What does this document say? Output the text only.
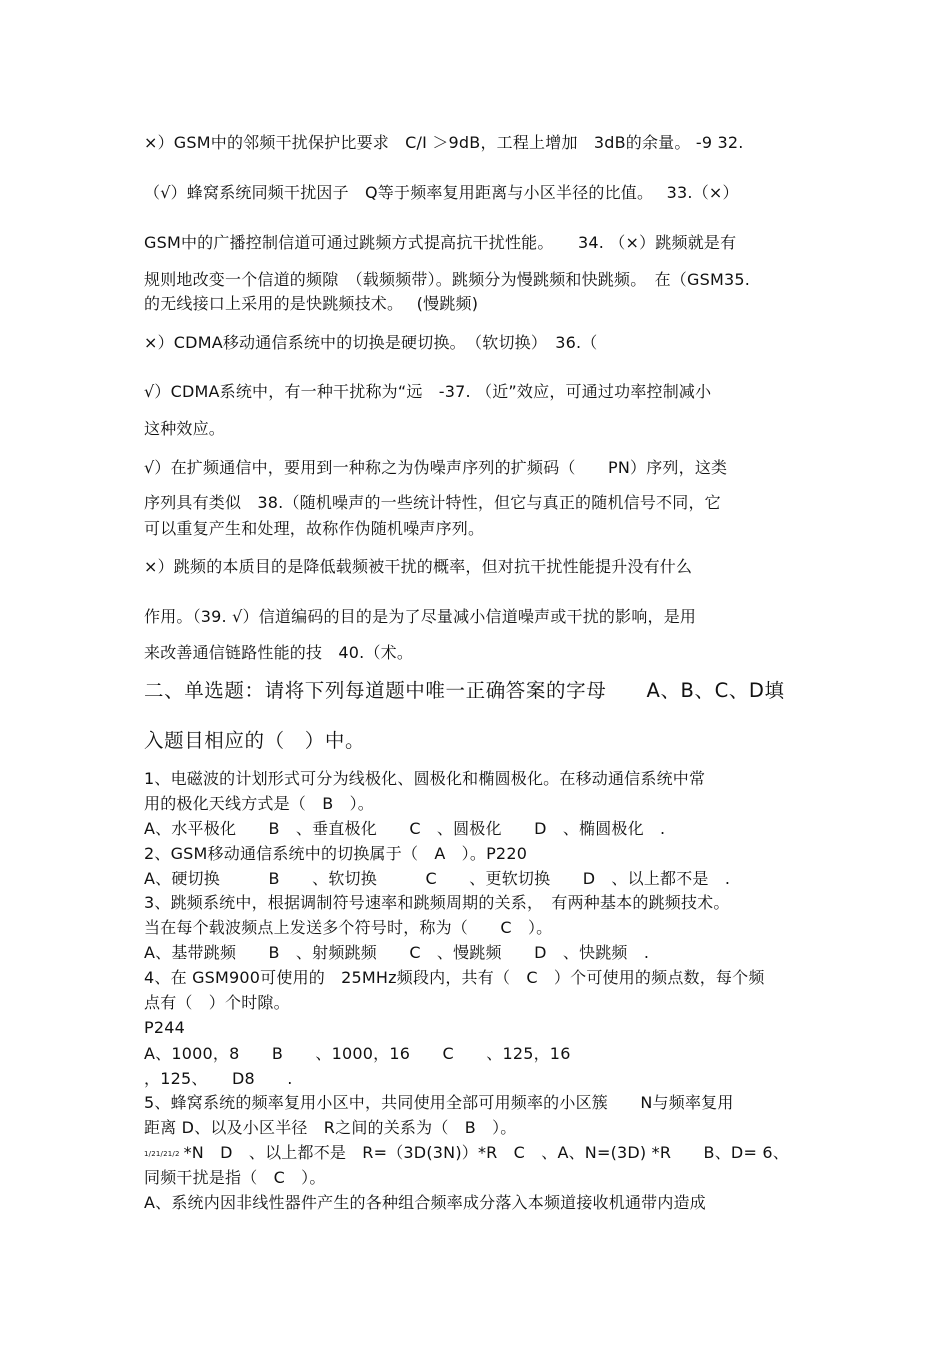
×）GSM中的邻频干扰保护比要求　C/I ＞9dB，工程上增加　3dB的余量。 -9 32.
（√）蜂窝系统同频干扰因子　Q等于频率复用距离与小区半径的比值。　 33.（×）
GSM中的广播控制信道可通过跳频方式提高抗干扰性能。　　34. （×）跳频就是有
规则地改变一个信道的频隙　（载频频带）。跳频分为慢跳频和快跳频。　在（GSM35.
的无线接口上采用的是快跳频技术。　 (慢跳频)
×）CDMA移动通信系统中的切换是硬切换。　（软切换）　36.（
√）CDMA系统中，有一种干扰称为“远　-37. （近”效应，可通过功率控制减小
这种效应。
√）在扩频通信中，要用到一种称之为伪噪声序列的扩频码（　　PN）序列，这类
序列具有类似　38.（随机噪声的一些统计特性，但它与真正的随机信号不同，它
可以重复产生和处理，故称作伪随机噪声序列。
×）跳频的本质目的是降低载频被干扰的概率，但对抗干扰性能提升没有什么
作用。（39. √）信道编码的目的是为了尽量减小信道噪声或干扰的影响，是用
来改善通信链路性能的技　40.（术。
二、单选题：请将下列每道题中唯一正确答案的字母　　A、B、C、D填
入题目相应的（　）中。
1、电磁波的计划形式可分为线极化、圆极化和椭圆极化。在移动通信系统中常
用的极化天线方式是（　B　）。
A、水平极化　　B　、垂直极化　　C　、圆极化　　D　、椭圆极化　.
2、GSM移动通信系统中的切换属于（　A　）。P220
A、硬切换　　　B　　、软切换　　　C　　、更软切换　　D　、以上都不是　.
3、跳频系统中，根据调制符号速率和跳频周期的关系，　有两种基本的跳频技术。
当在每个载波频点上发送多个符号时，称为（　　C　）。
A、基带跳频　　B　、射频跳频　　C　、慢跳频　　D　、快跳频　.
4、在 GSM900可使用的　25MHz频段内，共有（　C　）个可使用的频点数，每个频
点有（　）个时隙。
P244
A、1000，8　　B　　、1000，16　　C　　、125，16
，125、　　D8　　.
5、蜂窝系统的频率复用小区中，共同使用全部可用频率的小区簇　　N与频率复用
距离 D、以及小区半径　R之间的关系为（　B　）。
1/21/21/2 *N　D　、以上都不是　R=（3D(3N)）*R　C　、A、N=(3D) *R　　B、D= 6、
同频干扰是指（　C　）。
A、系统内因非线性器件产生的各种组合频率成分落入本频道接收机通带内造成
